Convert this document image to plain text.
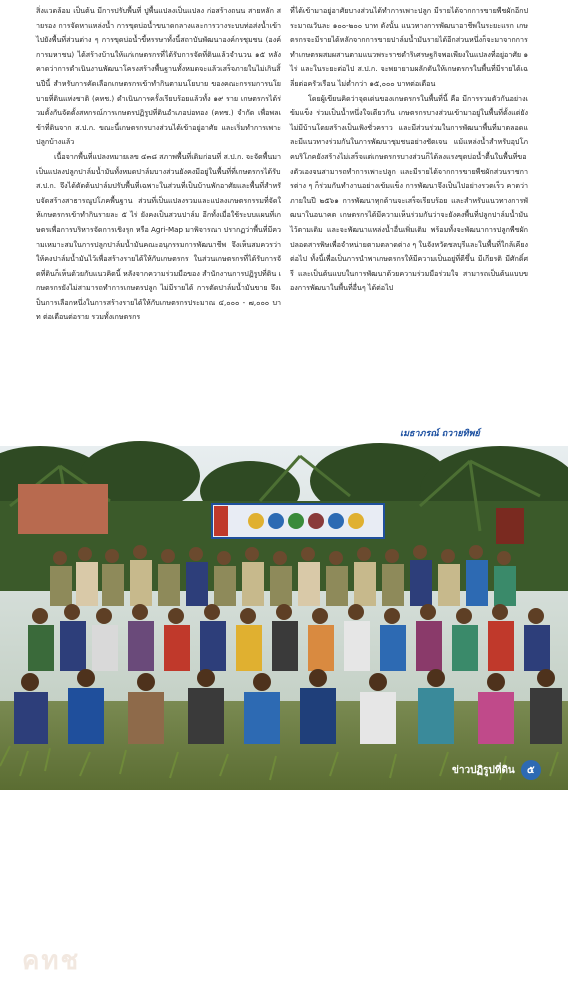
สิ่งแวดล้อม เป็นต้น มีการปรับพื้นที่ ปูพื้นแปลงเป็นแปลง ก่อสร้างถนน สายหลัก สายรอง การจัดหาแหล่งน้ำ การขุดบ่อน้ำขนาดกลางและการวางระบบท่อส่งน้ำเข้าไปยังพื้นที่ส่วนต่าง ๆ การขุดบ่อน้ำขี้หรรษาทั้งนี้สถาบันพัฒนาองค์กรชุมชน (องค์การมหาชน) ได้สร้างบ้านให้แก่เกษตรกรที่ได้รับการจัดที่ดินแล้วจำนวน ๑๕ หลัง คาดว่าการดำเนินงานพัฒนาโครงสร้างพื้นฐานทั้งหมดจะแล้วเสร็จภายในไม่เกินสิ้นปีนี้ สำหรับการคัดเลือกเกษตรกรเข้าทำกินตามนโยบาย ของคณะกรรมการนโยบายที่ดินแห่งชาติ (คทช.) ดำเนินการครั้งเรียบร้อยแล้วทั้ง ๑๙ ราย เกษตรกรได้ร่วมตั้งกันจัดตั้งสหกรณ์การเกษตรปฏิรูปที่ดินอำเภอบ่อทอง (คทช.) จำกัด เพื่อพลเข้าที่ดินจาก ส.ป.ก. ขณะนี้เกษตรกรบางส่วนได้เข้าอยู่อาศัย และเริ่มทำการเพาะปลูกบ้างแล้ว

เนื้อจากพื้นที่แปลงหมายเลข ๔๓๘ สภาพพื้นที่เดิมก่อนที่ ส.ป.ก. จะจัดพื้นมา เป็นแปลงปลูกปาล์มน้ำมันทั้งหมดปาล์มบางส่วนยังคงมีอยู่ในพื้นที่ที่เกษตรกรได้รับ ส.ป.ก. จึงได้ตัดต้นปาล์มปรับพื้นที่เฉพาะในส่วนที่เป็นบ้านพักอาศัยและพื้นที่สำหรับจัดสร้างสาธารณูปโภคพื้นฐาน ส่วนที่เป็นแปลงรวมและแปลงเกษตรกรรมที่จัดให้เกษตรกรเข้าทำกินรายละ ๕ ไร่ ยังคงเป็นสวนปาล์ม อีกทั้งเมื่อใช้ระบบแผนที่เกษตรเพื่อการบริหารจัดการเชิงรุก หรือ Agri-Map มาพิจารณา ปรากฏว่าพื้นที่มีความเหมาะสมในการปลูกปาล์มน้ำมันคณะอนุกรรมการพัฒนาชีพ จึงเห็นสมควรว่าให้คงปาล์มน้ำมันไว้เพื่อสร้างรายได้ให้กับเกษตรกร ในส่วนเกษตรกรที่ได้รับการจัดที่ดินก็เห็นด้วยกับแนวคิดนี้ หลังจากความร่วมมือของ สำนักงานการปฏิรูปที่ดิน เกษตรกรยังไม่สามารถทำการเกษตรปลูก ไม่มีรายได้ การตัดปาล์มน้ำมันขาย จึงเป็นการเลือกหนึ่งในการสร้างรายได้ให้กับเกษตรกรประมาณ ๔,๐๐๐ - ๗,๐๐๐ บาท ต่อเดือนต่อราย รวมทั้งเกษตรกร

ที่ได้เข้ามาอยู่อาศัยบางส่วนได้ทำการเพาะปลูก มีรายได้จากการขายพืชผักอีกประมาณวันละ ๑๐๐-๒๐๐ บาท ดังนั้น แนวทางการพัฒนาอาชีพในระยะแรก เกษตรกรจะมีรายได้หลักจากการขายปาล์มน้ำมันรายได้อีกส่วนหนึ่งก็จะมาจากการทำเกษตรผสมผสานตามแนวพระราชดำริเศรษฐกิจพอเพียงในแปลงที่อยู่อาศัย ๑ ไร่ และในระยะต่อไป ส.ป.ก. จะพยายามผลักดันให้เกษตรกรในพื้นที่มีรายได้เฉลี่ยต่อครัวเรือน ไม่ต่ำกว่า ๑๕,๐๐๐ บาทต่อเดือน

โดยผู้เขียนคิดว่าจุดเด่นของเกษตรกรในพื้นที่นี้ คือ มีการรวมตัวกันอย่างเข้มแข็ง ร่วมเป็นน้ำหนึ่งใจเดียวกัน เกษตรกรบางส่วนเข้ามาอยู่ในพื้นที่ตั้งแต่ยังไม่มีบ้านโดยสร้างเป็นเพิงชั่วคราว และมีส่วนร่วมในการพัฒนาพื้นที่มาตลอดและมีแนวทางร่วมกันในการพัฒนาชุมชนอย่างชัดเจน แม้แหล่งน้ำสำหรับอุปโภคบริโภคยังสร้างไม่เสร็จแต่เกษตรกรบางส่วนก็ได้ลงแรงขุดบ่อน้ำตื้นในพื้นที่ของตัวเองจนสามารถทำการเพาะปลูก และมีรายได้จากการขายพืชผักส่วนราชการต่าง ๆ ก็ร่วมกันทำงานอย่างเข้มแข็ง การพัฒนาจึงเป็นไปอย่างรวดเร็ว คาดว่าภายในปี ๒๕๖๑ การพัฒนาทุกด้านจะเสร็จเรียบร้อย และสำหรับแนวทางการพัฒนาในอนาคต เกษตรกรได้มีความเห็นร่วมกันว่าจะยังคงพื้นที่ปลูกปาล์มน้ำมันไว้ตามเดิม และจะพัฒนาแหล่งน้ำอื่นเพิ่มเติม พร้อมทั้งจะพัฒนาการปลูกพืชผักปลอดสารพิษเพื่อจำหน่ายตามตลาดต่าง ๆ ในจังหวัดชลบุรีและในพื้นที่ใกล้เคียงต่อไป ทั้งนี้เพื่อเป็นการนำพาเกษตรกรให้มีความเป็นอยู่ที่ดีขึ้น มีเกียรติ มีศักดิ์ศรี และเป็นต้นแบบในการพัฒนาด้วยความร่วมมือร่วมใจ สามารถเป็นต้นแบบของการพัฒนาในพื้นที่อื่นๆ ได้ต่อไป

เมธาภรณ์ ถวายทิพย์
คทช
ข่าวปฏิรูปที่ดิน	๕
